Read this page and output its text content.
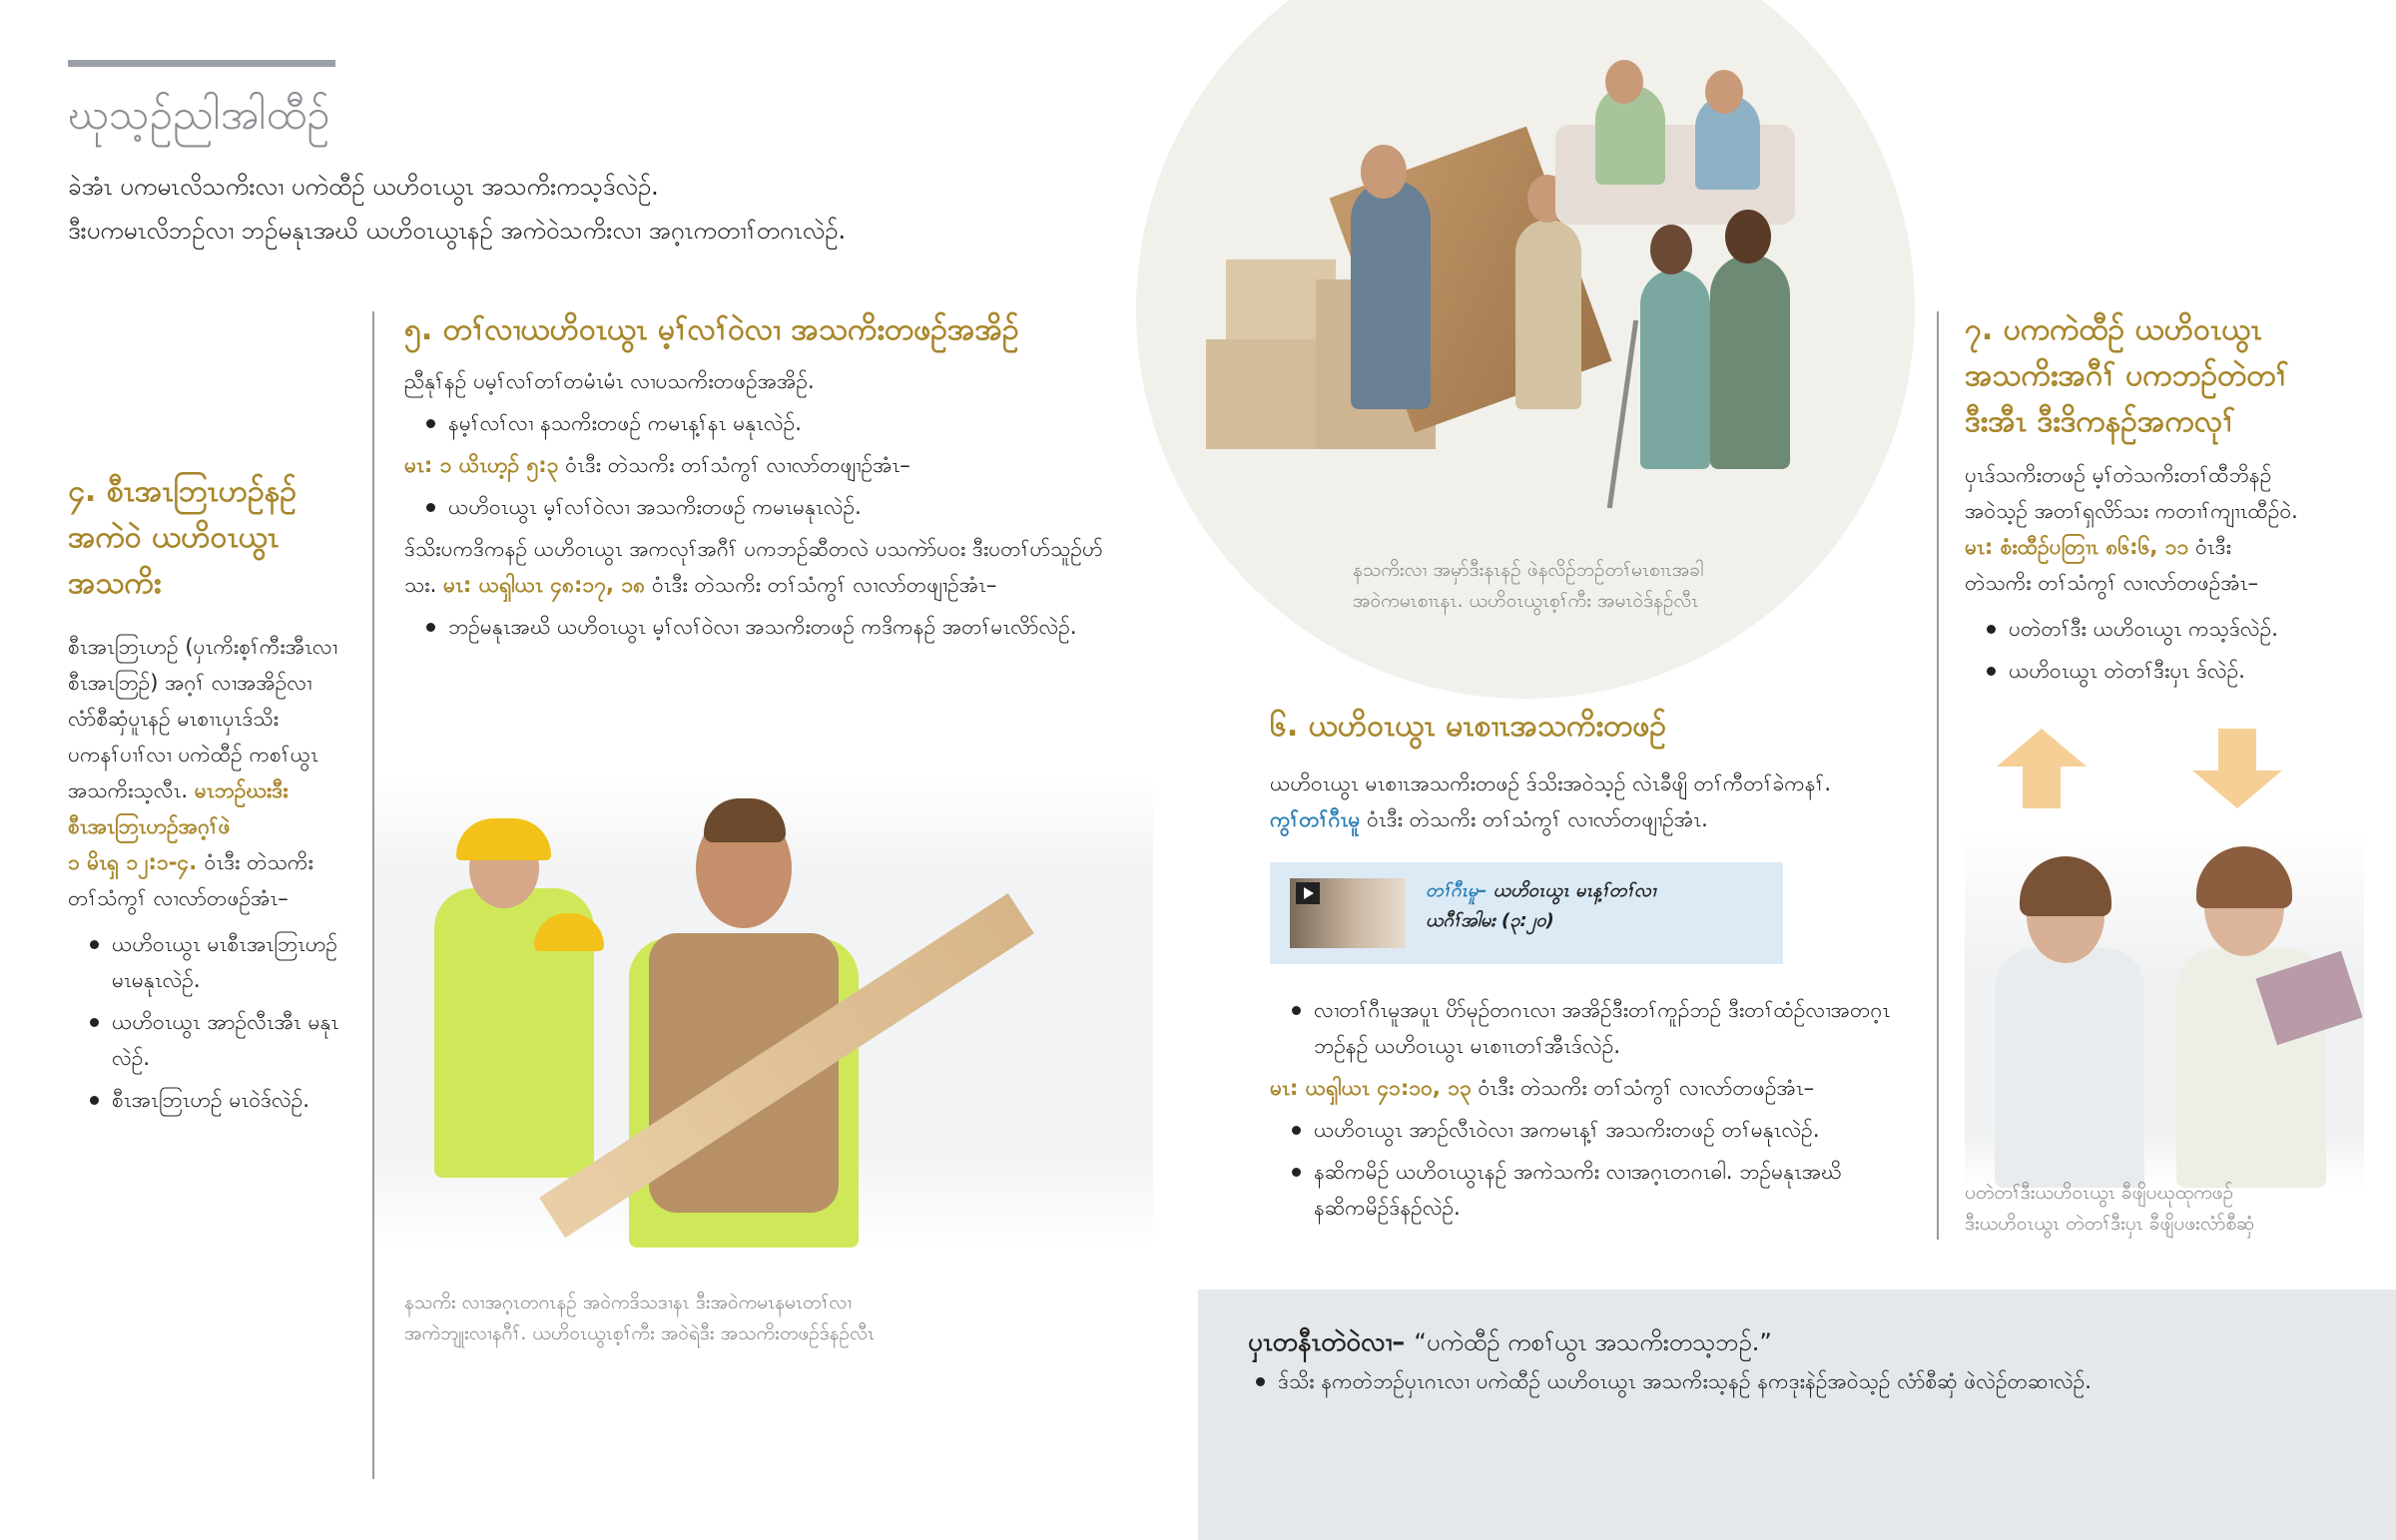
ဃုသ့ဉ်ညါအါထီဉ်
ခဲအံၤ ပကမၤလိသကိးလၢ ပကဲထီဉ် ယဟိဝၤယွၤ အသကိးကသ့ဒ်လဲဉ်.
ဒီးပကမၤလိဘဉ်လၢ ဘဉ်မနုၤအဃိ ယဟိဝၤယွၤနဉ် အကဲဝဲသကိးလၢ အဂ့ၤကတၢၢ်တဂၤလဲဉ်.
၄. စီၤအၤဘြၤဟဉ်နဉ်
အကဲဝဲ ယဟိဝၤယွၤ
အသကိး
စီၤအၤဘြၤဟဉ် (ပှၤကိးစ့ၢ်ကီးအီၤလၢ
စီၤအၤဘြဉ်) အဂ့ၢ် လၢအအိဉ်လၢ
လံာ်စီဆှံပူၤနဉ် မၤစၢၤပှၤဒ်သိး
ပကနၢ်ပၢၢ်လၢ ပကဲထီဉ် ကစၢ်ယွၤ
အသကိးသ့လီၤ. မၤဘဉ်ဃးဒီး
စီၤအၤဘြၤဟဉ်အဂ့ၢ်ဖဲ
၁ မိၤရှ ၁၂:၁-၄. ဝံၤဒီး တဲသကိး
တၢ်သံကွၢ် လၢလာ်တဖဉ်အံၤ–
ယဟိဝၤယွၤ မၤစီၤအၤဘြၤဟဉ် မၤမနုၤလဲဉ်.
ယဟိဝၤယွၤ အာဉ်လီၤအီၤ မနုၤလဲဉ်.
စီၤအၤဘြၤဟဉ် မၤဝဲဒ်လဲဉ်.
၅. တၢ်လၢယဟိဝၤယွၤ မ့ၢ်လၢ်ဝဲလၢ အသကိးတဖဉ်အအိဉ်
ညီနုၢ်နဉ် ပမ့ၢ်လၢ်တၢ်တမံၤမံၤ လၢပသကိးတဖဉ်အအိဉ်.
နမ့ၢ်လၢ်လၢ နသကိးတဖဉ် ကမၤန့ၢ်နၤ မနုၤလဲဉ်.
မၤ: ၁ ယိၤဟ့ၣ် ၅:၃ ဝံၤဒီး တဲသကိး တၢ်သံကွၢ် လၢလာ်တဖျၢဉ်အံၤ–
ယဟိဝၤယွၤ မ့ၢ်လၢ်ဝဲလၢ အသကိးတဖဉ် ကမၤမနုၤလဲဉ်.
ဒ်သိးပကဒိကနဉ် ယဟိဝၤယွၤ အကလုၢ်အဂီၢ် ပကဘဉ်ဆီတလဲ ပသကဲာ်ပဝး ဒီးပတၢ်ပာ်သူဉ်ပာ်
သး. မၤ: ယၡါယၤ ၄၈:၁၇, ၁၈ ဝံၤဒီး တဲသကိး တၢ်သံကွၢ် လၢလာ်တဖျၢဉ်အံၤ–
ဘဉ်မနုၤအဃိ ယဟိဝၤယွၤ မ့ၢ်လၢ်ဝဲလၢ အသကိးတဖဉ် ကဒိကနဉ် အတၢ်မၤလိာ်လဲဉ်.
နသကိး လၢအဂ့ၤတဂၤနဉ် အဝဲကဒိသဒၢနၤ ဒီးအဝဲကမၤနမၤတၢ်လၢ
အကဲဘျုးလၢနဂီၢ်. ယဟိဝၤယွၤစ့ၢ်ကီး အဝဲရဲဒီး အသကိးတဖဉ်ဒ်နဉ်လီၤ
နသကိးလၢ အမှာ်ဒီးနၤနဉ် ဖဲနလိဉ်ဘဉ်တၢ်မၤစၢၤအခါ
အဝဲကမၤစၢၤနၤ. ယဟိဝၤယွၤစ့ၢ်ကီး အမၤဝဲဒ်နဉ်လီၤ
၆. ယဟိဝၤယွၤ မၤစၢၤအသကိးတဖဉ်
ယဟိဝၤယွၤ မၤစၢၤအသကိးတဖဉ် ဒ်သိးအဝဲသ့ဉ် လဲၤခီဖျိ တၢ်ကီတၢ်ခဲကနၢ်.
ကွၢ်တၢ်ဂီၤမူ ဝံၤဒီး တဲသကိး တၢ်သံကွၢ် လၢလာ်တဖျၢဉ်အံၤ.
တၢ်ဂီၤမူ– ယဟိဝၤယွၤ မၤန့ၢ်တၢ်လၢ
ယဂီၢ်အါမး (၃:၂၀)
လၢတၢ်ဂီၤမူအပူၤ ပိာ်မုဉ်တဂၤလၢ အအိဉ်ဒီးတၢ်ကူၣ်ဘဉ် ဒီးတၢ်ထံဉ်လၢအတဂ့ၤ
ဘဉ်နဉ် ယဟိဝၤယွၤ မၤစၢၤတၢ်အီၤဒ်လဲဉ်.
မၤ: ယၡါယၤ ၄၁:၁၀, ၁၃ ဝံၤဒီး တဲသကိး တၢ်သံကွၢ် လၢလာ်တဖဉ်အံၤ–
ယဟိဝၤယွၤ အာဉ်လီၤဝဲလၢ အကမၤန့ၢ် အသကိးတဖဉ် တၢ်မနုၤလဲဉ်.
နဆိကမိဉ် ယဟိဝၤယွၤနဉ် အကဲသကိး လၢအဂ့ၤတဂၤဓါ. ဘဉ်မနုၤအဃိ
နဆိကမိဉ်ဒ်နဉ်လဲဉ်.
၇. ပကကဲထီဉ် ယဟိဝၤယွၤ
အသကိးအဂီၢ် ပကဘဉ်တဲတၢ်
ဒီးအီၤ ဒီးဒိကနဉ်အကလုၢ်
ပှၤဒ်သကိးတဖဉ် မ့ၢ်တဲသကိးတၢ်ထီဘိနဉ်
အဝဲသ့ဉ် အတၢ်ရှလိာ်သး ကတၢၢ်ကျၢၤထီဉ်ဝဲ.
မၤ: စံးထီဉ်ပတြၢၤ ၈၆:၆, ၁၁ ဝံၤဒီး
တဲသကိး တၢ်သံကွၢ် လၢလာ်တဖဉ်အံၤ–
ပတဲတၢ်ဒီး ယဟိဝၤယွၤ ကသ့ဒ်လဲဉ်.
ယဟိဝၤယွၤ တဲတၢ်ဒီးပှၤ ဒ်လဲဉ်.
ပတဲတၢ်ဒီးယဟိဝၤယွၤ ခီဖျိပဃုထုကဖဉ်
ဒီးယဟိဝၤယွၤ တဲတၢ်ဒီးပှၤ ခီဖျိပဖးလံာ်စီဆှံ
ပှၤတနီၤတဲဝဲလၢ– “ပကဲထီဉ် ကစၢ်ယွၤ အသကိးတသ့ဘဉ်.”
ဒ်သိး နကတဲဘဉ်ပှၤဂၤလၢ ပကဲထီဉ် ယဟိဝၤယွၤ အသကိးသ့နဉ် နကဒုးနဲဉ်အဝဲသ့ဉ် လံာ်စီဆှံ ဖဲလဲဉ်တဆၢလဲဉ်.
